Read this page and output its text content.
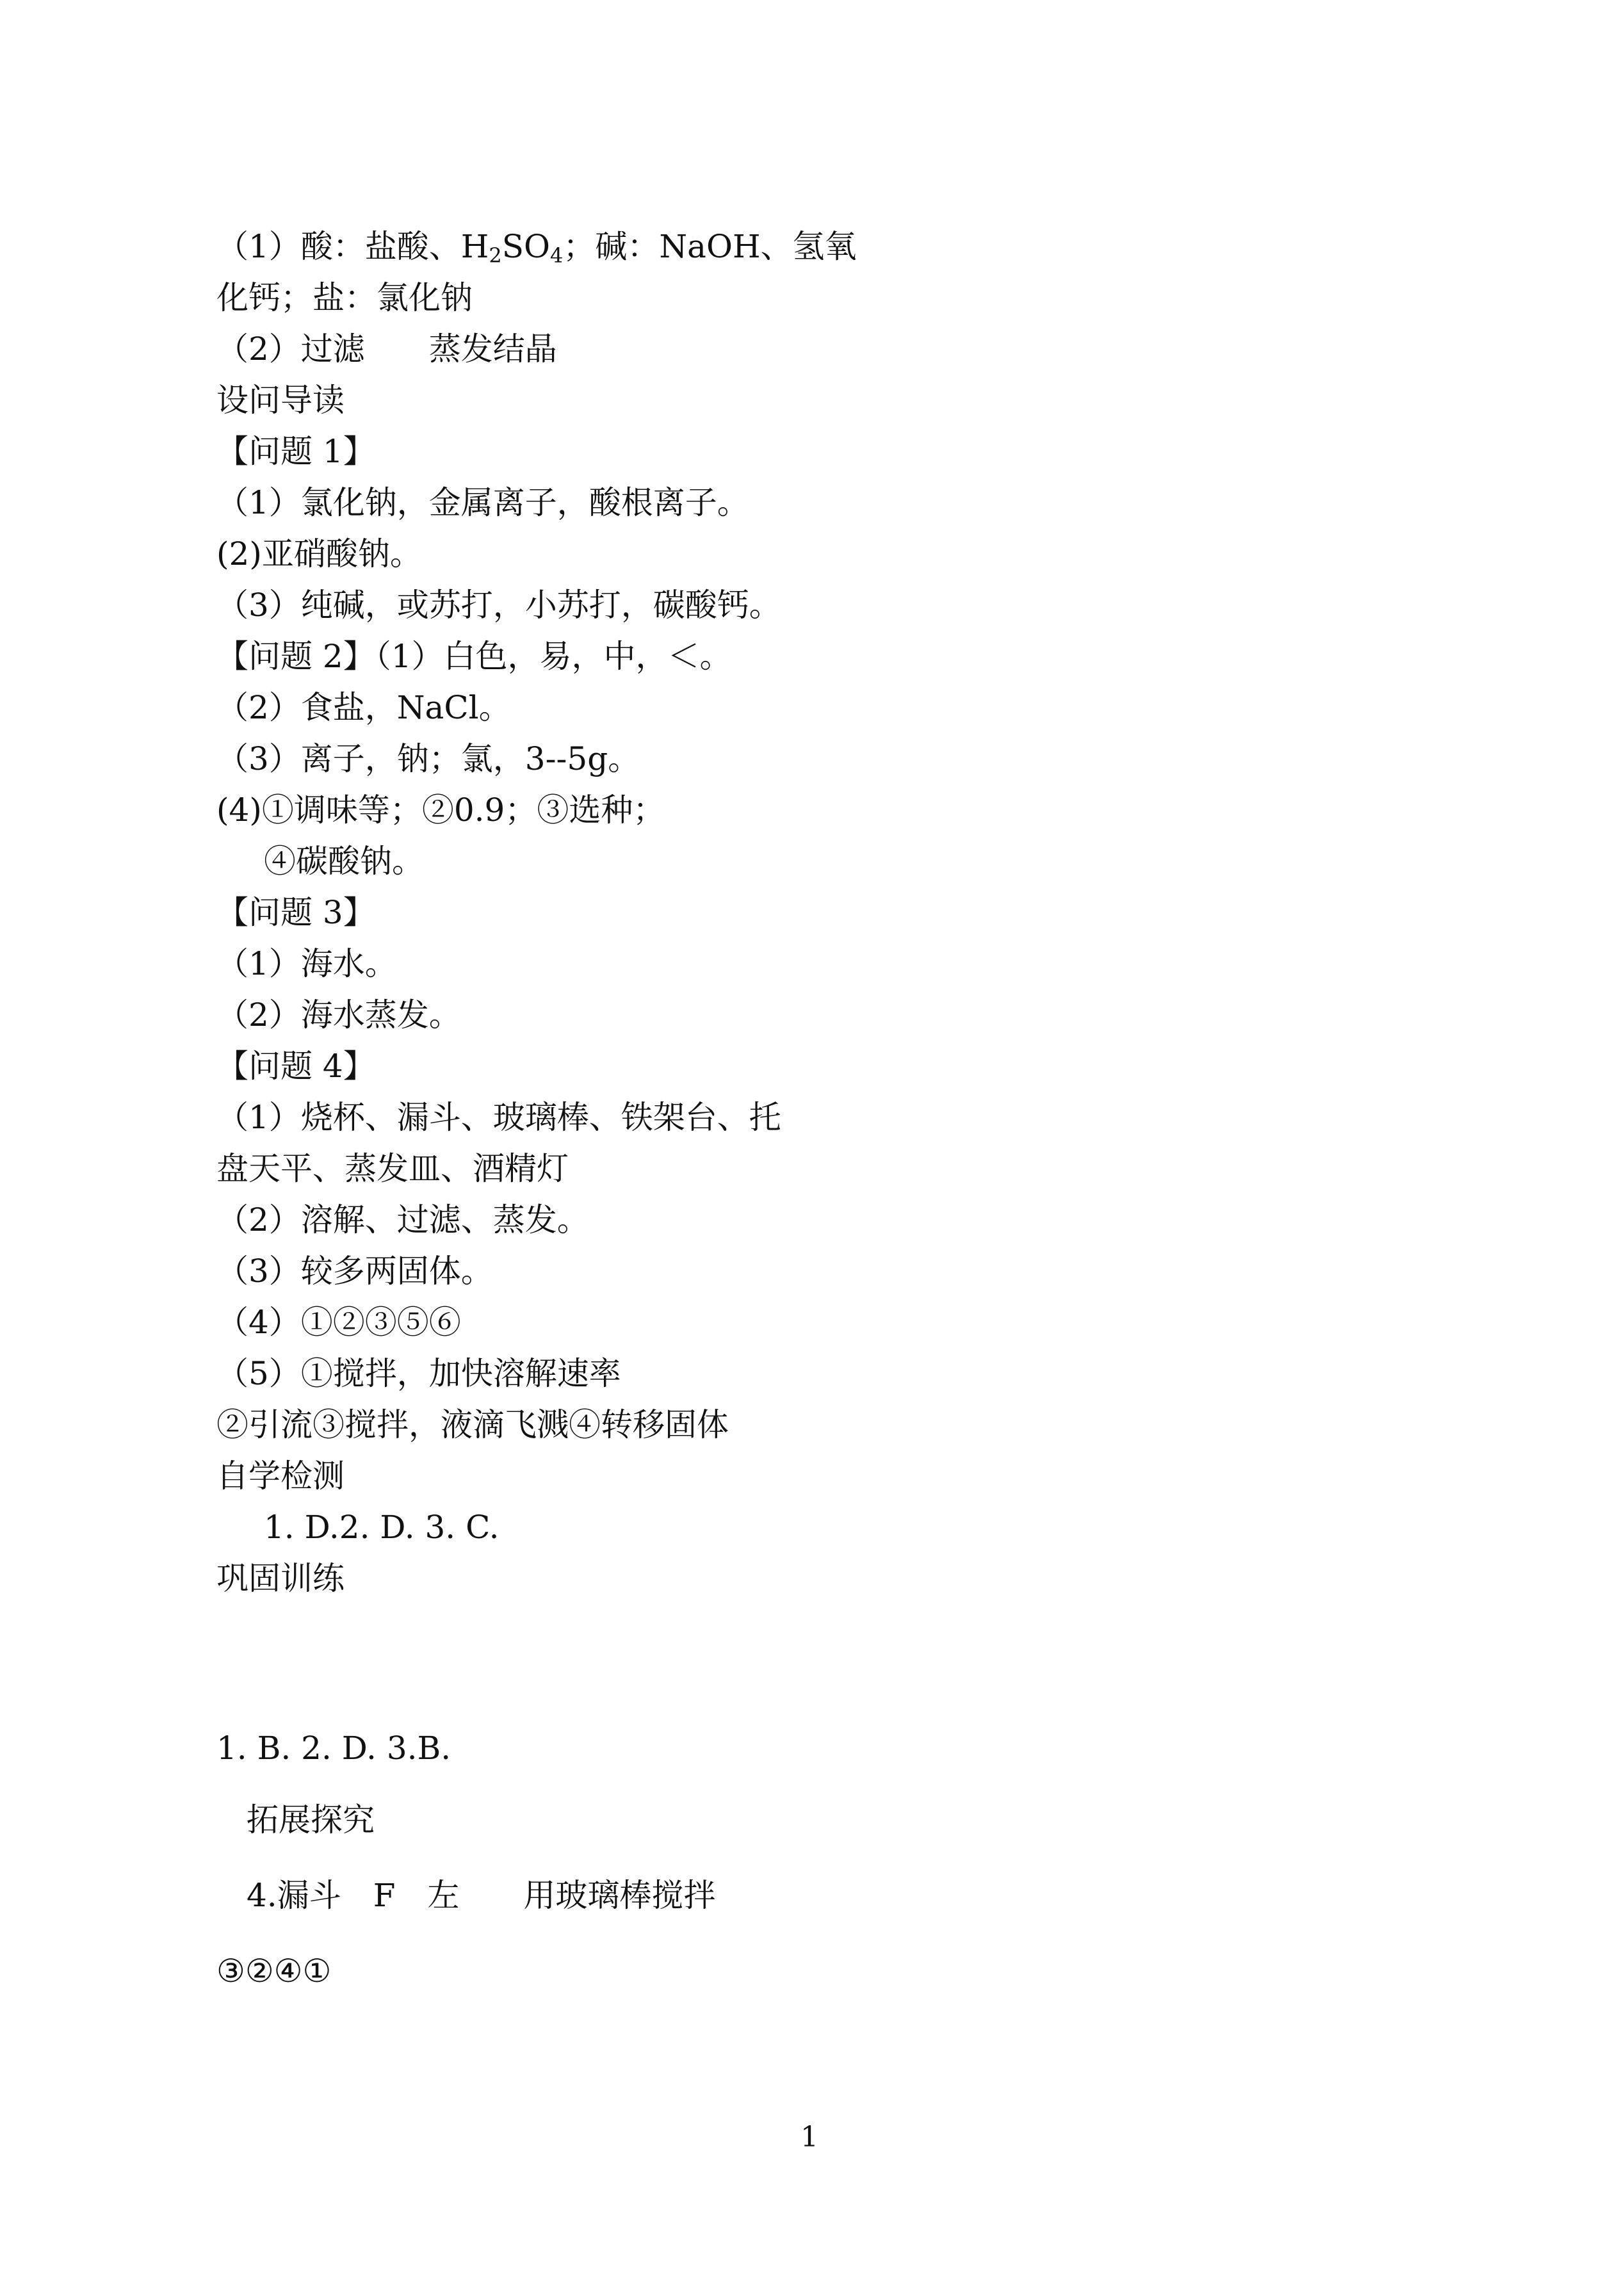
（1）酸：盐酸、$H_2SO_4$；碱：NaOH、氢氧
化钙；盐：氯化钠
（2）过滤　　蒸发结晶
设问导读
【问题 1】
（1）氯化钠，金属离子，酸根离子。
(2)亚硝酸钠。
（3）纯碱，或苏打，小苏打，碳酸钙。
【问题 2】（1）白色，易，中，＜。
（2）食盐，NaCl。
（3）离子，钠；氯，3--5g。
(4)①调味等；②0.9；③选种；
④碳酸钠。
【问题 3】
（1）海水。
（2）海水蒸发。
【问题 4】
（1）烧杯、漏斗、玻璃棒、铁架台、托
盘天平、蒸发皿、酒精灯
（2）溶解、过滤、蒸发。
（3）较多两固体。
（4）①②③⑤⑥
（5）①搅拌，加快溶解速率
②引流③搅拌，液滴飞溅④转移固体
自学检测
1. D.2. D. 3. C.
巩固训练
1. B. 2. D. 3.B.
拓展探究
4.漏斗　F　左　　用玻璃棒搅拌
③②④①
1
